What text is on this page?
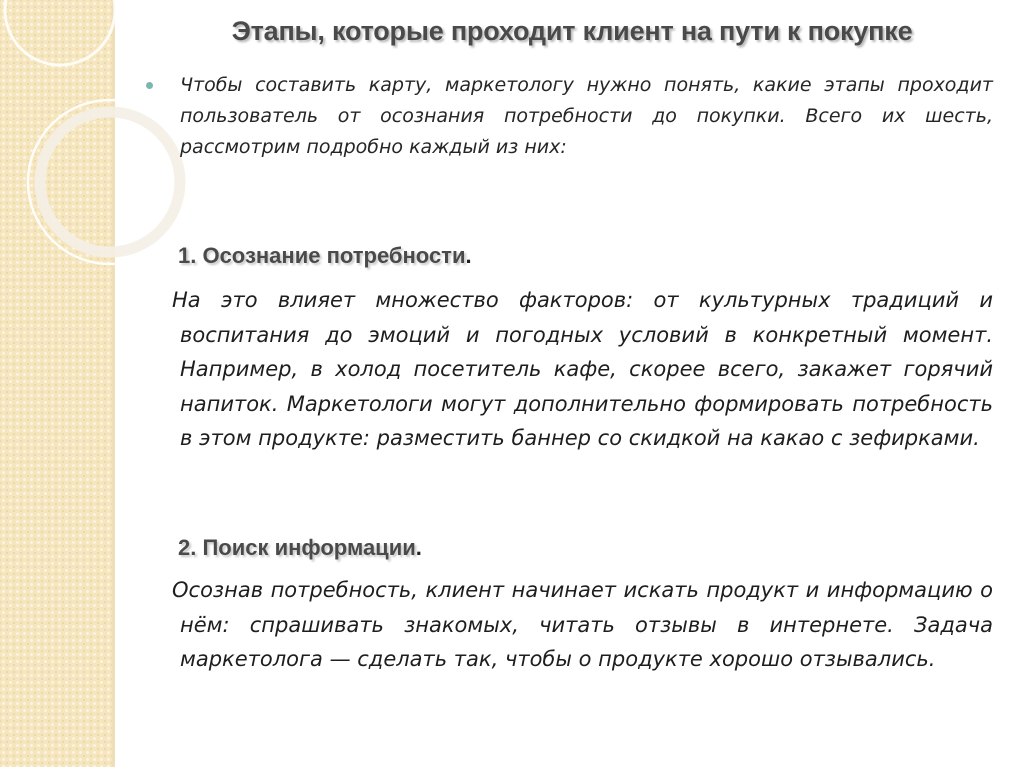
Этапы, которые проходит клиент на пути к покупке

Чтобы составить карту, маркетологу нужно понять, какие этапы проходит пользователь от осознания потребности до покупки. Всего их шесть, рассмотрим подробно каждый из них:

1. Осознание потребности.

На это влияет множество факторов: от культурных традиций и воспитания до эмоций и погодных условий в конкретный момент. Например, в холод посетитель кафе, скорее всего, закажет горячий напиток. Маркетологи могут дополнительно формировать потребность в этом продукте: разместить баннер со скидкой на какао с зефирками.

2. Поиск информации.

Осознав потребность, клиент начинает искать продукт и информацию о нём: спрашивать знакомых, читать отзывы в интернете. Задача маркетолога — сделать так, чтобы о продукте хорошо отзывались.
